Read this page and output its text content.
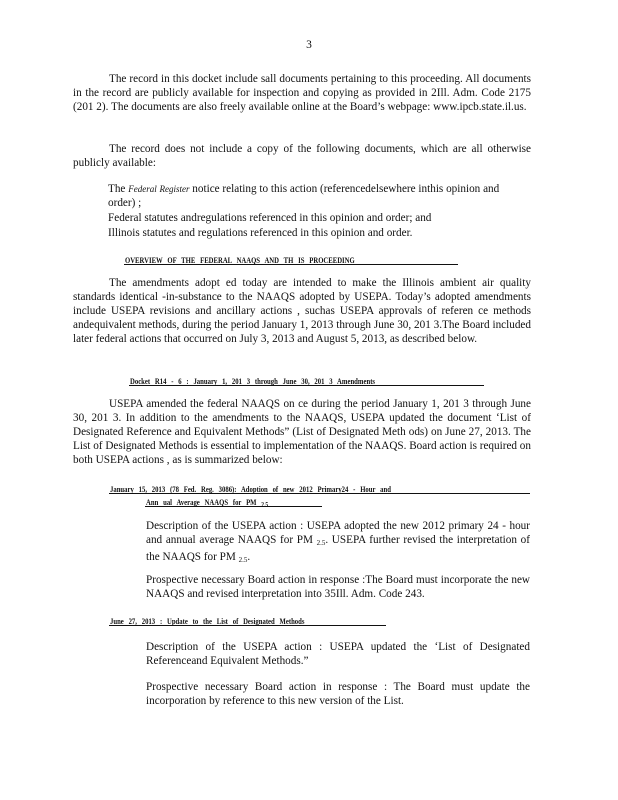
3

The record in this docket include sall documents pertaining to this proceeding. All documents in the record are publicly available for inspection and copying as provided in 2Ill. Adm. Code 2175 (201 2). The documents are also freely available online at the Board’s webpage: www.ipcb.state.il.us.

The record does not include a copy of the following documents, which are all otherwise publicly available:

The Federal Register notice relating to this action (referencedelsewhere inthis opinion and order) ;
Federal statutes andregulations referenced in this opinion and order; and
Illinois statutes and regulations referenced in this opinion and order.
OVERVIEW OF THE FEDERAL NAAQS AND TH IS PROCEEDING

The amendments adopt ed today are intended to make the Illinois ambient air quality standards identical -in-substance to the NAAQS adopted by USEPA. Today’s adopted amendments include USEPA revisions and ancillary actions , suchas USEPA approvals of referen ce methods andequivalent methods, during the period January 1, 2013 through June 30, 201 3.The Board included later federal actions that occurred on July 3, 2013 and August 5, 2013, as described below.

Docket R14 - 6 : January 1, 201 3 through June 30, 201 3 Amendments

USEPA amended the federal NAAQS on ce during the period January 1, 201 3 through June 30, 201 3. In addition to the amendments to the NAAQS, USEPA updated the document ‘List of Designated Reference and Equivalent Methods” (List of Designated Meth ods) on June 27, 2013. The List of Designated Methods is essential to implementation of the NAAQS. Board action is required on both USEPA actions , as is summarized below:

January 15, 2013 (78 Fed. Reg. 3086): Adoption of new 2012 Primary24 - Hour and
Ann ual Average NAAQS for PM $_{2.5}$

Description of the USEPA action : USEPA adopted the new 2012 primary 24 - hour and annual average NAAQS for PM $_{2.5}$. USEPA further revised the interpretation of the NAAQS for PM $_{2.5}$.

Prospective necessary Board action in response :The Board must incorporate the new NAAQS and revised interpretation into 35Ill. Adm. Code 243.

June 27, 2013 : Update to the List of Designated Methods

Description of the USEPA action : USEPA updated the ‘List of Designated Referenceand Equivalent Methods.”

Prospective necessary Board action in response : The Board must update the incorporation by reference to this new version of the List.
